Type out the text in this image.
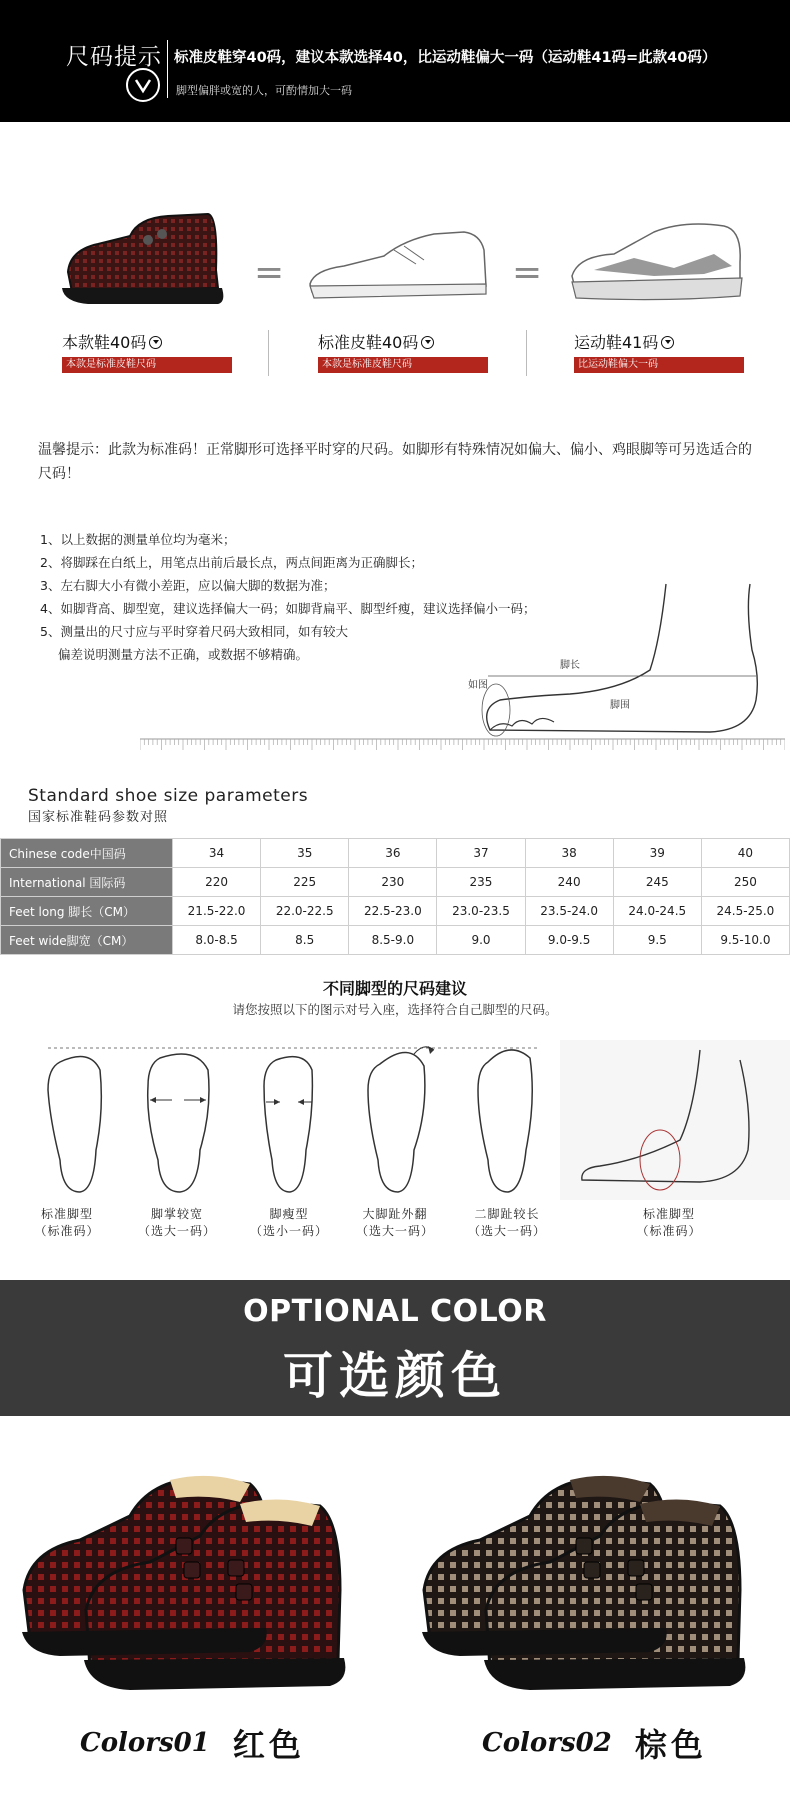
尺码提示 标准皮鞋穿40码，建议本款选择40，比运动鞋偏大一码（运动鞋41码=此款40码）
脚型偏胖或宽的人，可酌情加大一码
=	=
本款鞋40码
本款是标准皮鞋尺码
标准皮鞋40码
本款是标准皮鞋尺码
运动鞋41码
比运动鞋偏大一码
温馨提示：此款为标准码！正常脚形可选择平时穿的尺码。如脚形有特殊情况如偏大、偏小、鸡眼脚等可另选适合的尺码！
1、以上数据的测量单位均为毫米；
2、将脚踩在白纸上，用笔点出前后最长点，两点间距离为正确脚长；
3、左右脚大小有微小差距，应以偏大脚的数据为准；
4、如脚背高、脚型宽，建议选择偏大一码；如脚背扁平、脚型纤瘦，建议选择偏小一码；
5、测量出的尺寸应与平时穿着尺码大致相同，如有较大
偏差说明测量方法不正确，或数据不够精确。
脚长
脚围
如图
Standard shoe size parameters
国家标准鞋码参数对照
Chinese code中国码	34	35	36	37	38	39	40
International 国际码	220	225	230	235	240	245	250
Feet long 脚长（CM）	21.5-22.0	22.0-22.5	22.5-23.0	23.0-23.5	23.5-24.0	24.0-24.5	24.5-25.0
Feet wide脚宽（CM）	8.0-8.5	8.5	8.5-9.0	9.0	9.0-9.5	9.5	9.5-10.0
不同脚型的尺码建议
请您按照以下的图示对号入座，选择符合自己脚型的尺码。
标准脚型
（标准码）
脚掌较宽
（选大一码）
脚瘦型
（选小一码）
大脚趾外翻
（选大一码）
二脚趾较长
（选大一码）
标准脚型
（标准码）
OPTIONAL COLOR
可选颜色
Colors01 红色	Colors02 棕色
